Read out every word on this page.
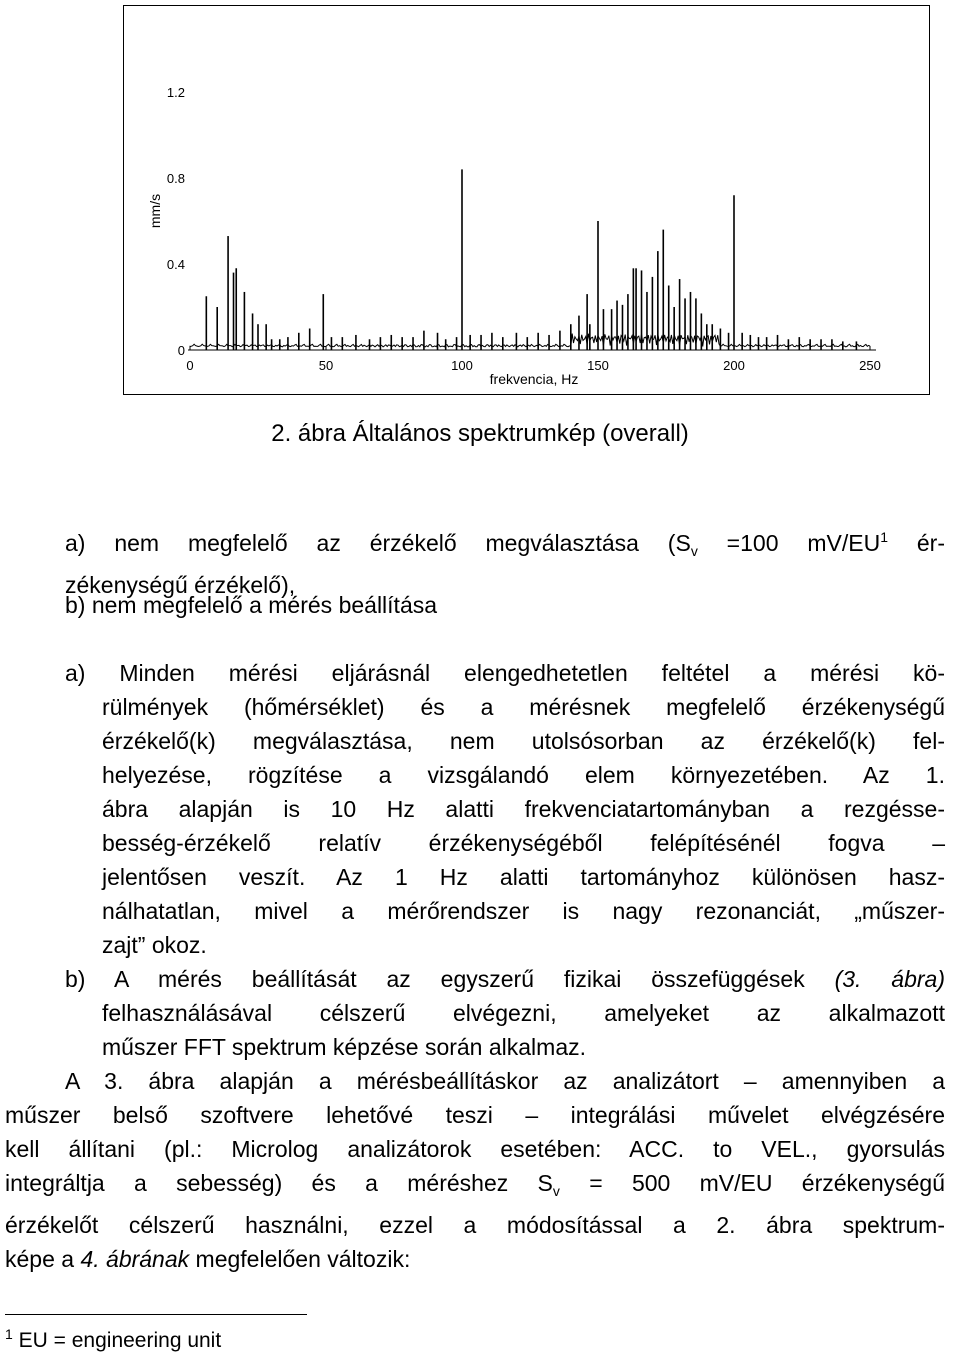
0
0.4
0.8
1.2
0	50	100	150	200	250
mm/s
frekvencia, Hz
2. ábra Általános spektrumkép (overall)
a) nem megfelelő az érzékelő megválasztása ($S_v =100$ $mV/EU^1$ ér-
zékenységű érzékelő),
b) nem megfelelő a mérés beállítása
a) Minden mérési eljárásnál elengedhetetlen feltétel a mérési kö-
rülmények (hőmérséklet) és a mérésnek megfelelő érzékenységű
érzékelő(k) megválasztása, nem utolsósorban az érzékelő(k) fel-
helyezése, rögzítése a vizsgálandó elem környezetében. Az 1.
ábra alapján is 10 Hz alatti frekvenciatartományban a rezgésse-
besség-érzékelő relatív érzékenységéből felépítésénél fogva –
jelentősen veszít. Az 1 Hz alatti tartományhoz különösen hasz-
nálhatatlan, mivel a mérőrendszer is nagy rezonanciát, „műszer-
zajt” okoz.
b) A mérés beállítását az egyszerű fizikai összefüggések (3. ábra)
felhasználásával célszerű elvégezni, amelyeket az alkalmazott
műszer FFT spektrum képzése során alkalmaz.
A 3. ábra alapján a mérésbeállításkor az analizátort – amennyiben a
műszer belső szoftvere lehetővé teszi – integrálási művelet elvégzésére
kell állítani (pl.: Microlog analizátorok esetében: ACC. to VEL., gyorsulás
integráltja a sebesség) és a méréshez $S_v = 500$ mV/EU érzékenységű
érzékelőt célszerű használni, ezzel a módosítással a 2. ábra spektrum-
képe a 4. ábrának megfelelően változik:
$^1$ EU = engineering unit
